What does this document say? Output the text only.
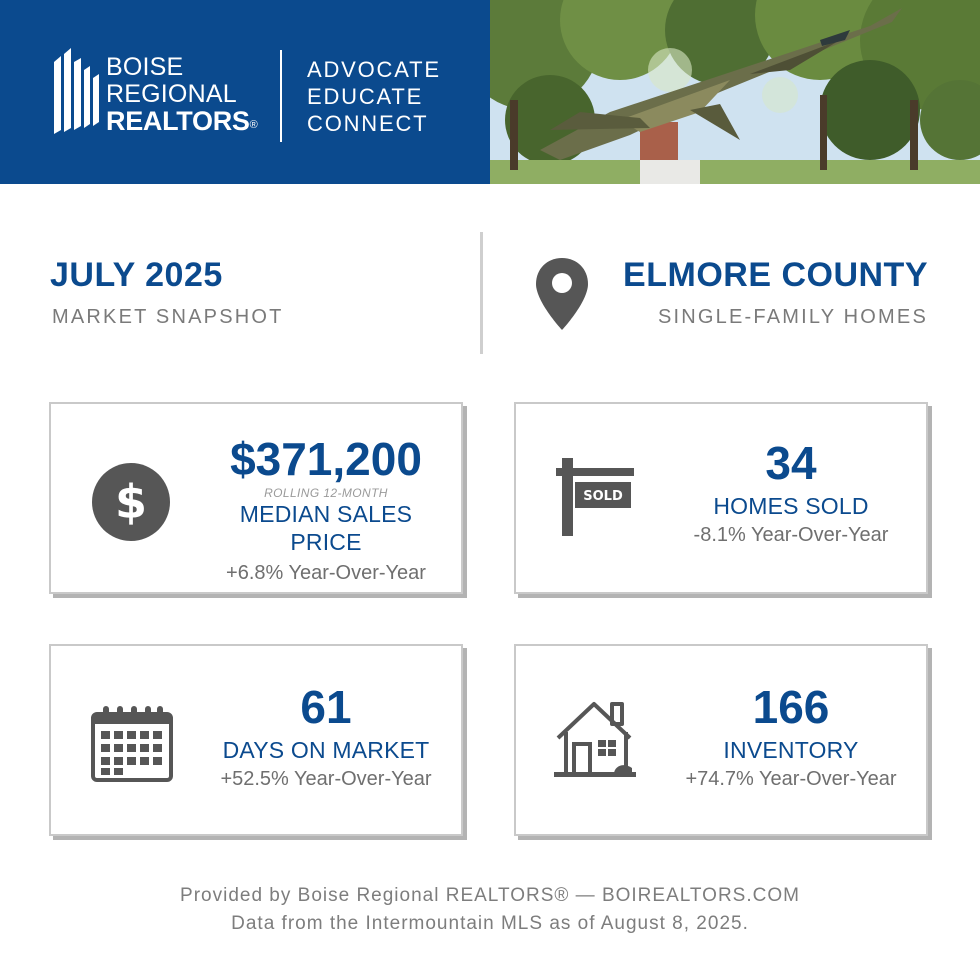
BOISE
REGIONAL
REALTORS®
ADVOCATE
EDUCATE
CONNECT
JULY 2025
MARKET SNAPSHOT
ELMORE COUNTY
SINGLE-FAMILY HOMES
$
$371,200
ROLLING 12-MONTH
MEDIAN SALES PRICE
+6.8% Year-Over-Year
SOLD
34
HOMES SOLD
-8.1% Year-Over-Year
61
DAYS ON MARKET
+52.5% Year-Over-Year
166
INVENTORY
+74.7% Year-Over-Year
Provided by Boise Regional REALTORS® — BOIREALTORS.COM
Data from the Intermountain MLS as of August 8, 2025.
